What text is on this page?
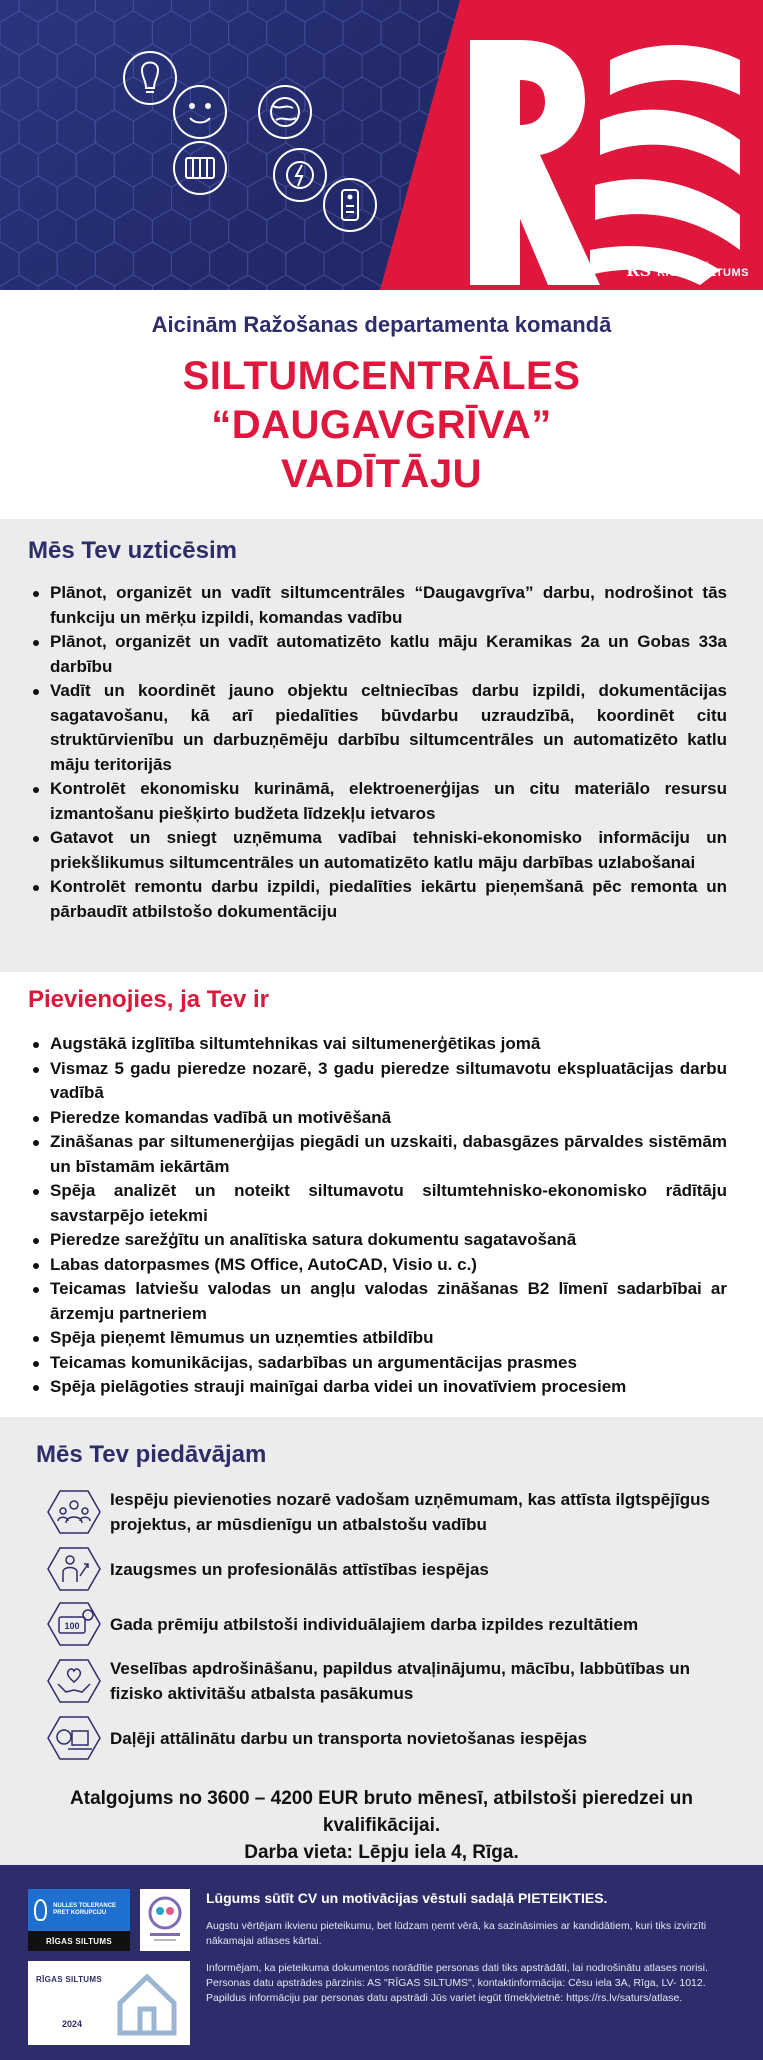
RS RĪGAS SILTUMS
RĪGAS SILTUMS
Aicinām Ražošanas departamenta komandā
SILTUMCENTRĀLES
“DAUGAVGRĪVA”
VADĪTĀJU
Mēs Tev uzticēsim
Plānot, organizēt un vadīt siltumcentrāles “Daugavgrīva” darbu, nodrošinot tās funkciju un mērķu izpildi, komandas vadību
Plānot, organizēt un vadīt automatizēto katlu māju Keramikas 2a un Gobas 33a darbību
Vadīt un koordinēt jauno objektu celtniecības darbu izpildi, dokumentācijas sagatavošanu, kā arī piedalīties būvdarbu uzraudzībā, koordinēt citu struktūrvienību un darbuzņēmēju darbību siltumcentrāles un automatizēto katlu māju teritorijās
Kontrolēt ekonomisku kurināmā, elektroenerģijas un citu materiālo resursu izmantošanu piešķirto budžeta līdzekļu ietvaros
Gatavot un sniegt uzņēmuma vadībai tehniski-ekonomisko informāciju un priekšlikumus siltumcentrāles un automatizēto katlu māju darbības uzlabošanai
Kontrolēt remontu darbu izpildi, piedalīties iekārtu pieņemšanā pēc remonta un pārbaudīt atbilstošo dokumentāciju
Pievienojies, ja Tev ir
Augstākā izglītība siltumtehnikas vai siltumenerģētikas jomā
Vismaz 5 gadu pieredze nozarē, 3 gadu pieredze siltumavotu ekspluatācijas darbu vadībā
Pieredze komandas vadībā un motivēšanā
Zināšanas par siltumenerģijas piegādi un uzskaiti, dabasgāzes pārvaldes sistēmām un bīstamām iekārtām
Spēja analizēt un noteikt siltumavotu siltumtehnisko-ekonomisko rādītāju savstarpējo ietekmi
Pieredze sarežģītu un analītiska satura dokumentu sagatavošanā
Labas datorpasmes (MS Office, AutoCAD, Visio u. c.)
Teicamas latviešu valodas un angļu valodas zināšanas B2 līmenī sadarbībai ar ārzemju partneriem
Spēja pieņemt lēmumus un uzņemties atbildību
Teicamas komunikācijas, sadarbības un argumentācijas prasmes
Spēja pielāgoties strauji mainīgai darba videi un inovatīviem procesiem
Mēs Tev piedāvājam
Iespēju pievienoties nozarē vadošam uzņēmumam, kas attīsta ilgtspējīgus projektus, ar mūsdienīgu un atbalstošu vadību
Izaugsmes un profesionālās attīstības iespējas
100 Gada prēmiju atbilstoši individuālajiem darba izpildes rezultātiem
Veselības apdrošināšanu, papildus atvaļinājumu, mācību, labbūtības un fizisko aktivitāšu atbalsta pasākumus
Daļēji attālinātu darbu un transporta novietošanas iespējas
Atalgojums no 3600 – 4200 EUR bruto mēnesī, atbilstoši pieredzei un kvalifikācijai.
Darba vieta: Lēpju iela 4, Rīga.
NULLES TOLERANCE PRET KORUPCIJU
RĪGAS SILTUMS
RĪGAS SILTUMS
2024
Lūgums sūtīt CV un motivācijas vēstuli sadaļā PIETEIKTIES.
Augstu vērtējam ikvienu pieteikumu, bet lūdzam ņemt vērā, ka sazināsimies ar kandidātiem, kuri tiks izvirzīti nākamajai atlases kārtai.
Informējam, ka pieteikuma dokumentos norādītie personas dati tiks apstrādāti, lai nodrošinātu atlases norisi. Personas datu apstrādes pārzinis: AS "RĪGAS SILTUMS", kontaktinformācija: Cēsu iela 3A, Rīga, LV- 1012. Papildus informāciju par personas datu apstrādi Jūs variet iegūt tīmekļvietnē: https://rs.lv/saturs/atlase.
